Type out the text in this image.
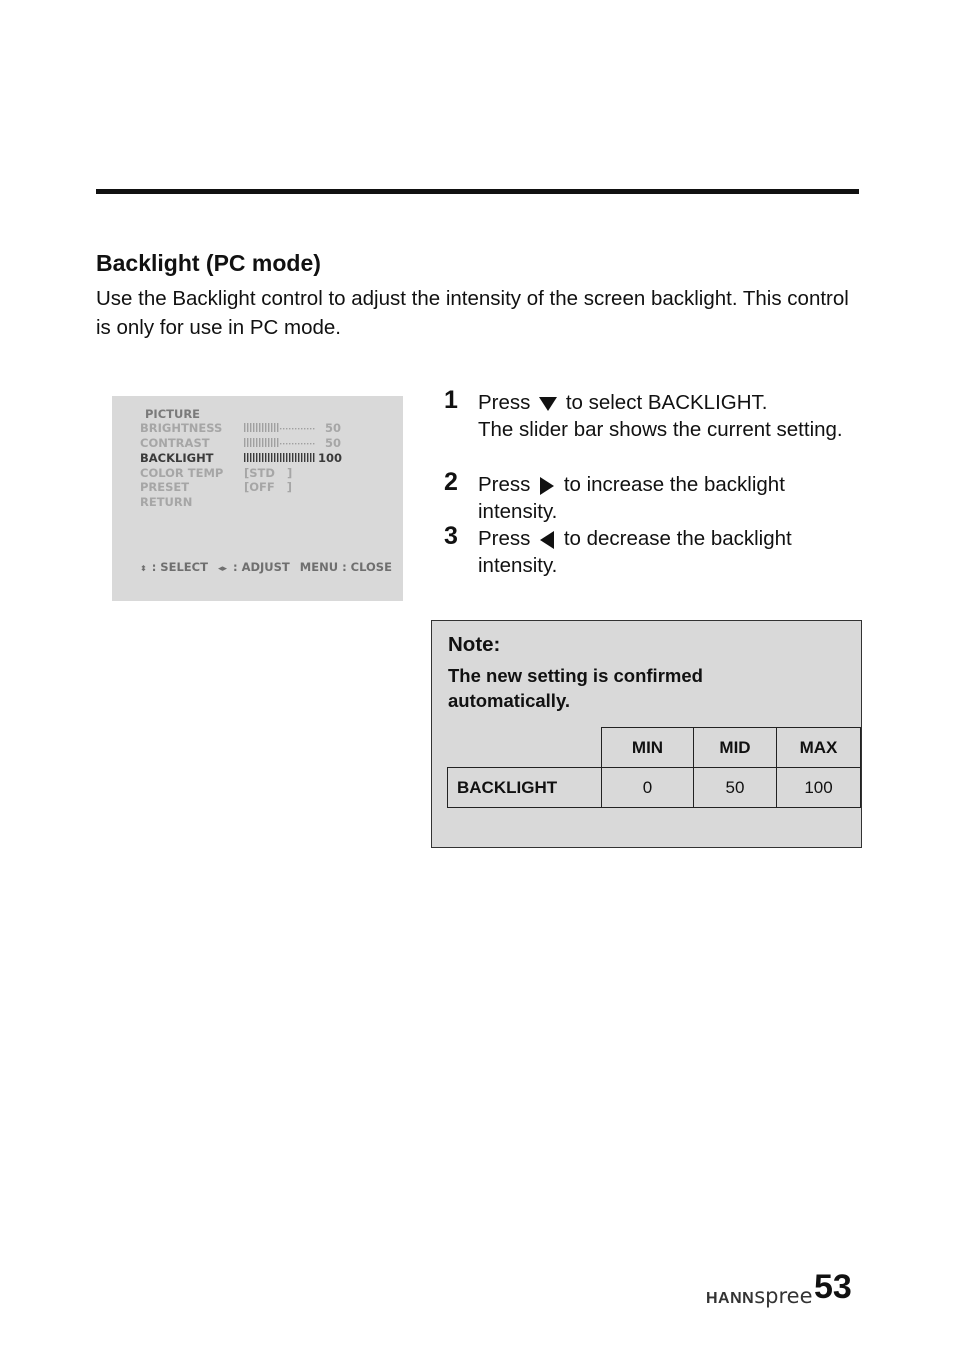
Backlight (PC mode)
Use the Backlight control to adjust the intensity of the screen backlight. This control is only for use in PC mode.
PICTURE
BRIGHTNESS	50
CONTRAST	50
BACKLIGHT	100
COLOR TEMP [STD   ]
PRESET	[OFF   ]
RETURN
⬍ : SELECT ◂▸ : ADJUST MENU : CLOSE
1 Press to select BACKLIGHT.
The slider bar shows the current setting.
2 Press to increase the backlight intensity.
3 Press to decrease the backlight intensity.
Note:
The new setting is confirmed automatically.
	MIN	MID	MAX
BACKLIGHT	0	50	100
HANNspree 53
